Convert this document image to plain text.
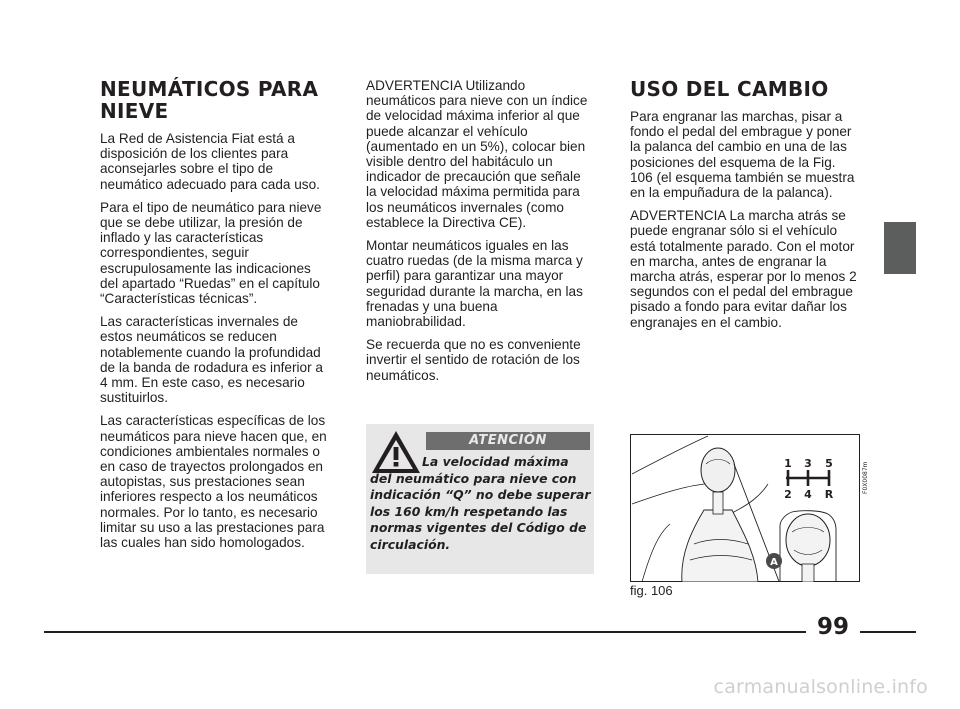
NEUMÁTICOS PARA NIEVE

La Red de Asistencia Fiat está a disposición de los clientes para aconsejarles sobre el tipo de neumático adecuado para cada uso.

Para el tipo de neumático para nieve que se debe utilizar, la presión de inflado y las características correspondientes, seguir escrupulosamente las indicaciones del apartado “Ruedas” en el capítulo “Características técnicas”.

Las características invernales de estos neumáticos se reducen notablemente cuando la profundidad de la banda de rodadura es inferior a 4 mm. En este caso, es necesario sustituirlos.

Las características específicas de los neumáticos para nieve hacen que, en condiciones ambientales normales o en caso de trayectos prolongados en autopistas, sus prestaciones sean inferiores respecto a los neumáticos normales. Por lo tanto, es necesario limitar su uso a las prestaciones para las cuales han sido homologados.

ADVERTENCIA Utilizando neumáticos para nieve con un índice de velocidad máxima inferior al que puede alcanzar el vehículo (aumentado en un 5%), colocar bien visible dentro del habitáculo un indicador de precaución que señale la velocidad máxima permitida para los neumáticos invernales (como establece la Directiva CE).

Montar neumáticos iguales en las cuatro ruedas (de la misma marca y perfil) para garantizar una mayor seguridad durante la marcha, en las frenadas y una buena maniobrabilidad.

Se recuerda que no es conveniente invertir el sentido de rotación de los neumáticos.

ATENCIÓN
La velocidad máxima del neumático para nieve con indicación “Q” no debe superar los 160 km/h respetando las normas vigentes del Código de circulación.
USO DEL CAMBIO

Para engranar las marchas, pisar a fondo el pedal del embrague y poner la palanca del cambio en una de las posiciones del esquema de la Fig. 106 (el esquema también se muestra en la empuñadura de la palanca).

ADVERTENCIA La marcha atrás se puede engranar sólo si el vehículo está totalmente parado. Con el motor en marcha, antes de engranar la marcha atrás, esperar por lo menos 2 segundos con el pedal del embrague pisado a fondo para evitar dañar los engranajes en el cambio.

1 3 5
2 4 R
A
F0X0087m
fig. 106
99
carmanualsonline.info
